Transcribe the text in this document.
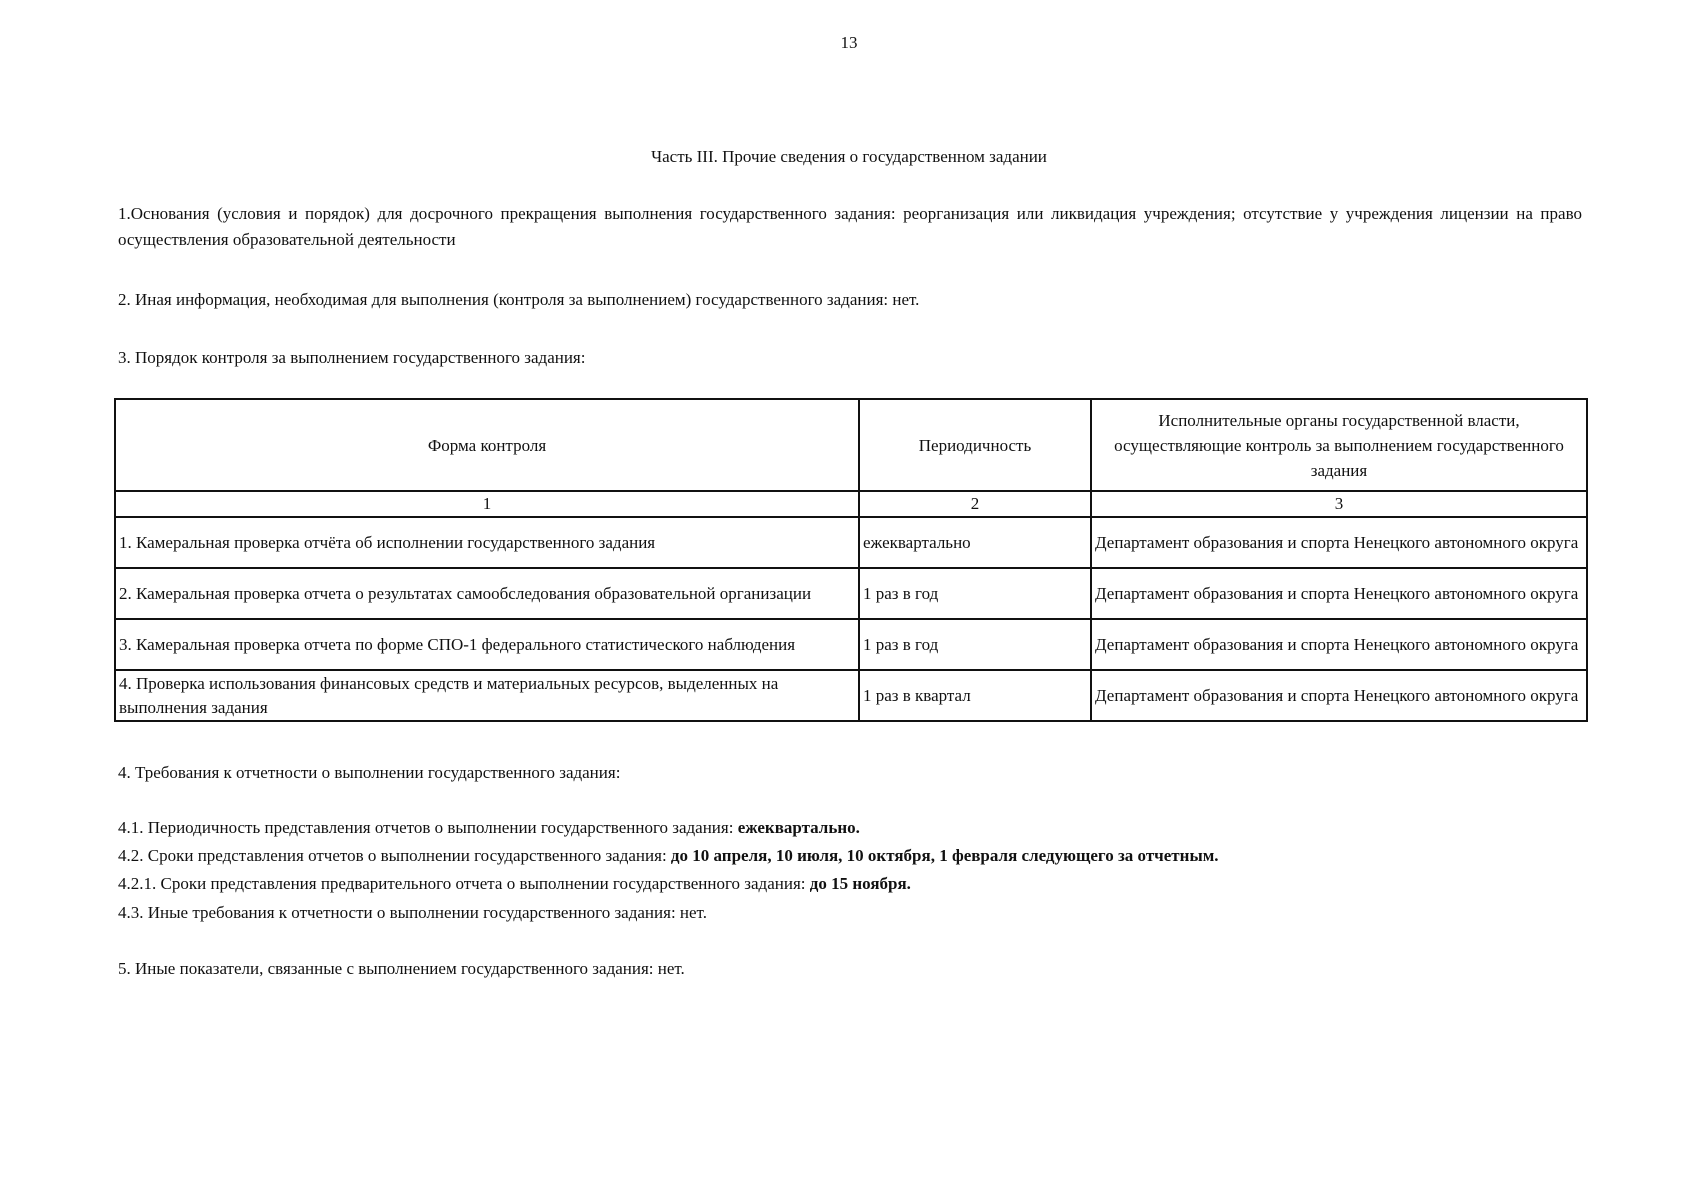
13
Часть III. Прочие сведения о государственном задании
1.Основания (условия и порядок) для досрочного прекращения выполнения государственного задания: реорганизация или ликвидация учреждения; отсутствие у учреждения лицензии на право осуществления образовательной деятельности
2. Иная информация, необходимая для выполнения (контроля за выполнением) государственного задания: нет.
3. Порядок контроля за выполнением государственного задания:
Форма контроля	Периодичность	Исполнительные органы государственной власти, осуществляющие контроль за выполнением государственного задания
1	2	3
1. Камеральная проверка отчёта об исполнении государственного задания	ежеквартально	Департамент образования и спорта Ненецкого автономного округа
2. Камеральная проверка отчета о результатах самообследования образовательной организации	1 раз в год	Департамент образования и спорта Ненецкого автономного округа
3. Камеральная проверка отчета по форме СПО-1 федерального статистического наблюдения	1 раз в год	Департамент образования и спорта Ненецкого автономного округа
4. Проверка использования финансовых средств и материальных ресурсов, выделенных на выполнения задания	1 раз в квартал	Департамент образования и спорта Ненецкого автономного округа
4. Требования к отчетности о выполнении государственного задания:
4.1. Периодичность представления отчетов о выполнении государственного задания: ежеквартально.
4.2. Сроки представления отчетов о выполнении государственного задания: до 10 апреля, 10 июля, 10 октября, 1 февраля следующего за отчетным.
4.2.1. Сроки представления предварительного отчета о выполнении государственного задания: до 15 ноября.
4.3. Иные требования к отчетности о выполнении государственного задания: нет.
5. Иные показатели, связанные с выполнением государственного задания: нет.
